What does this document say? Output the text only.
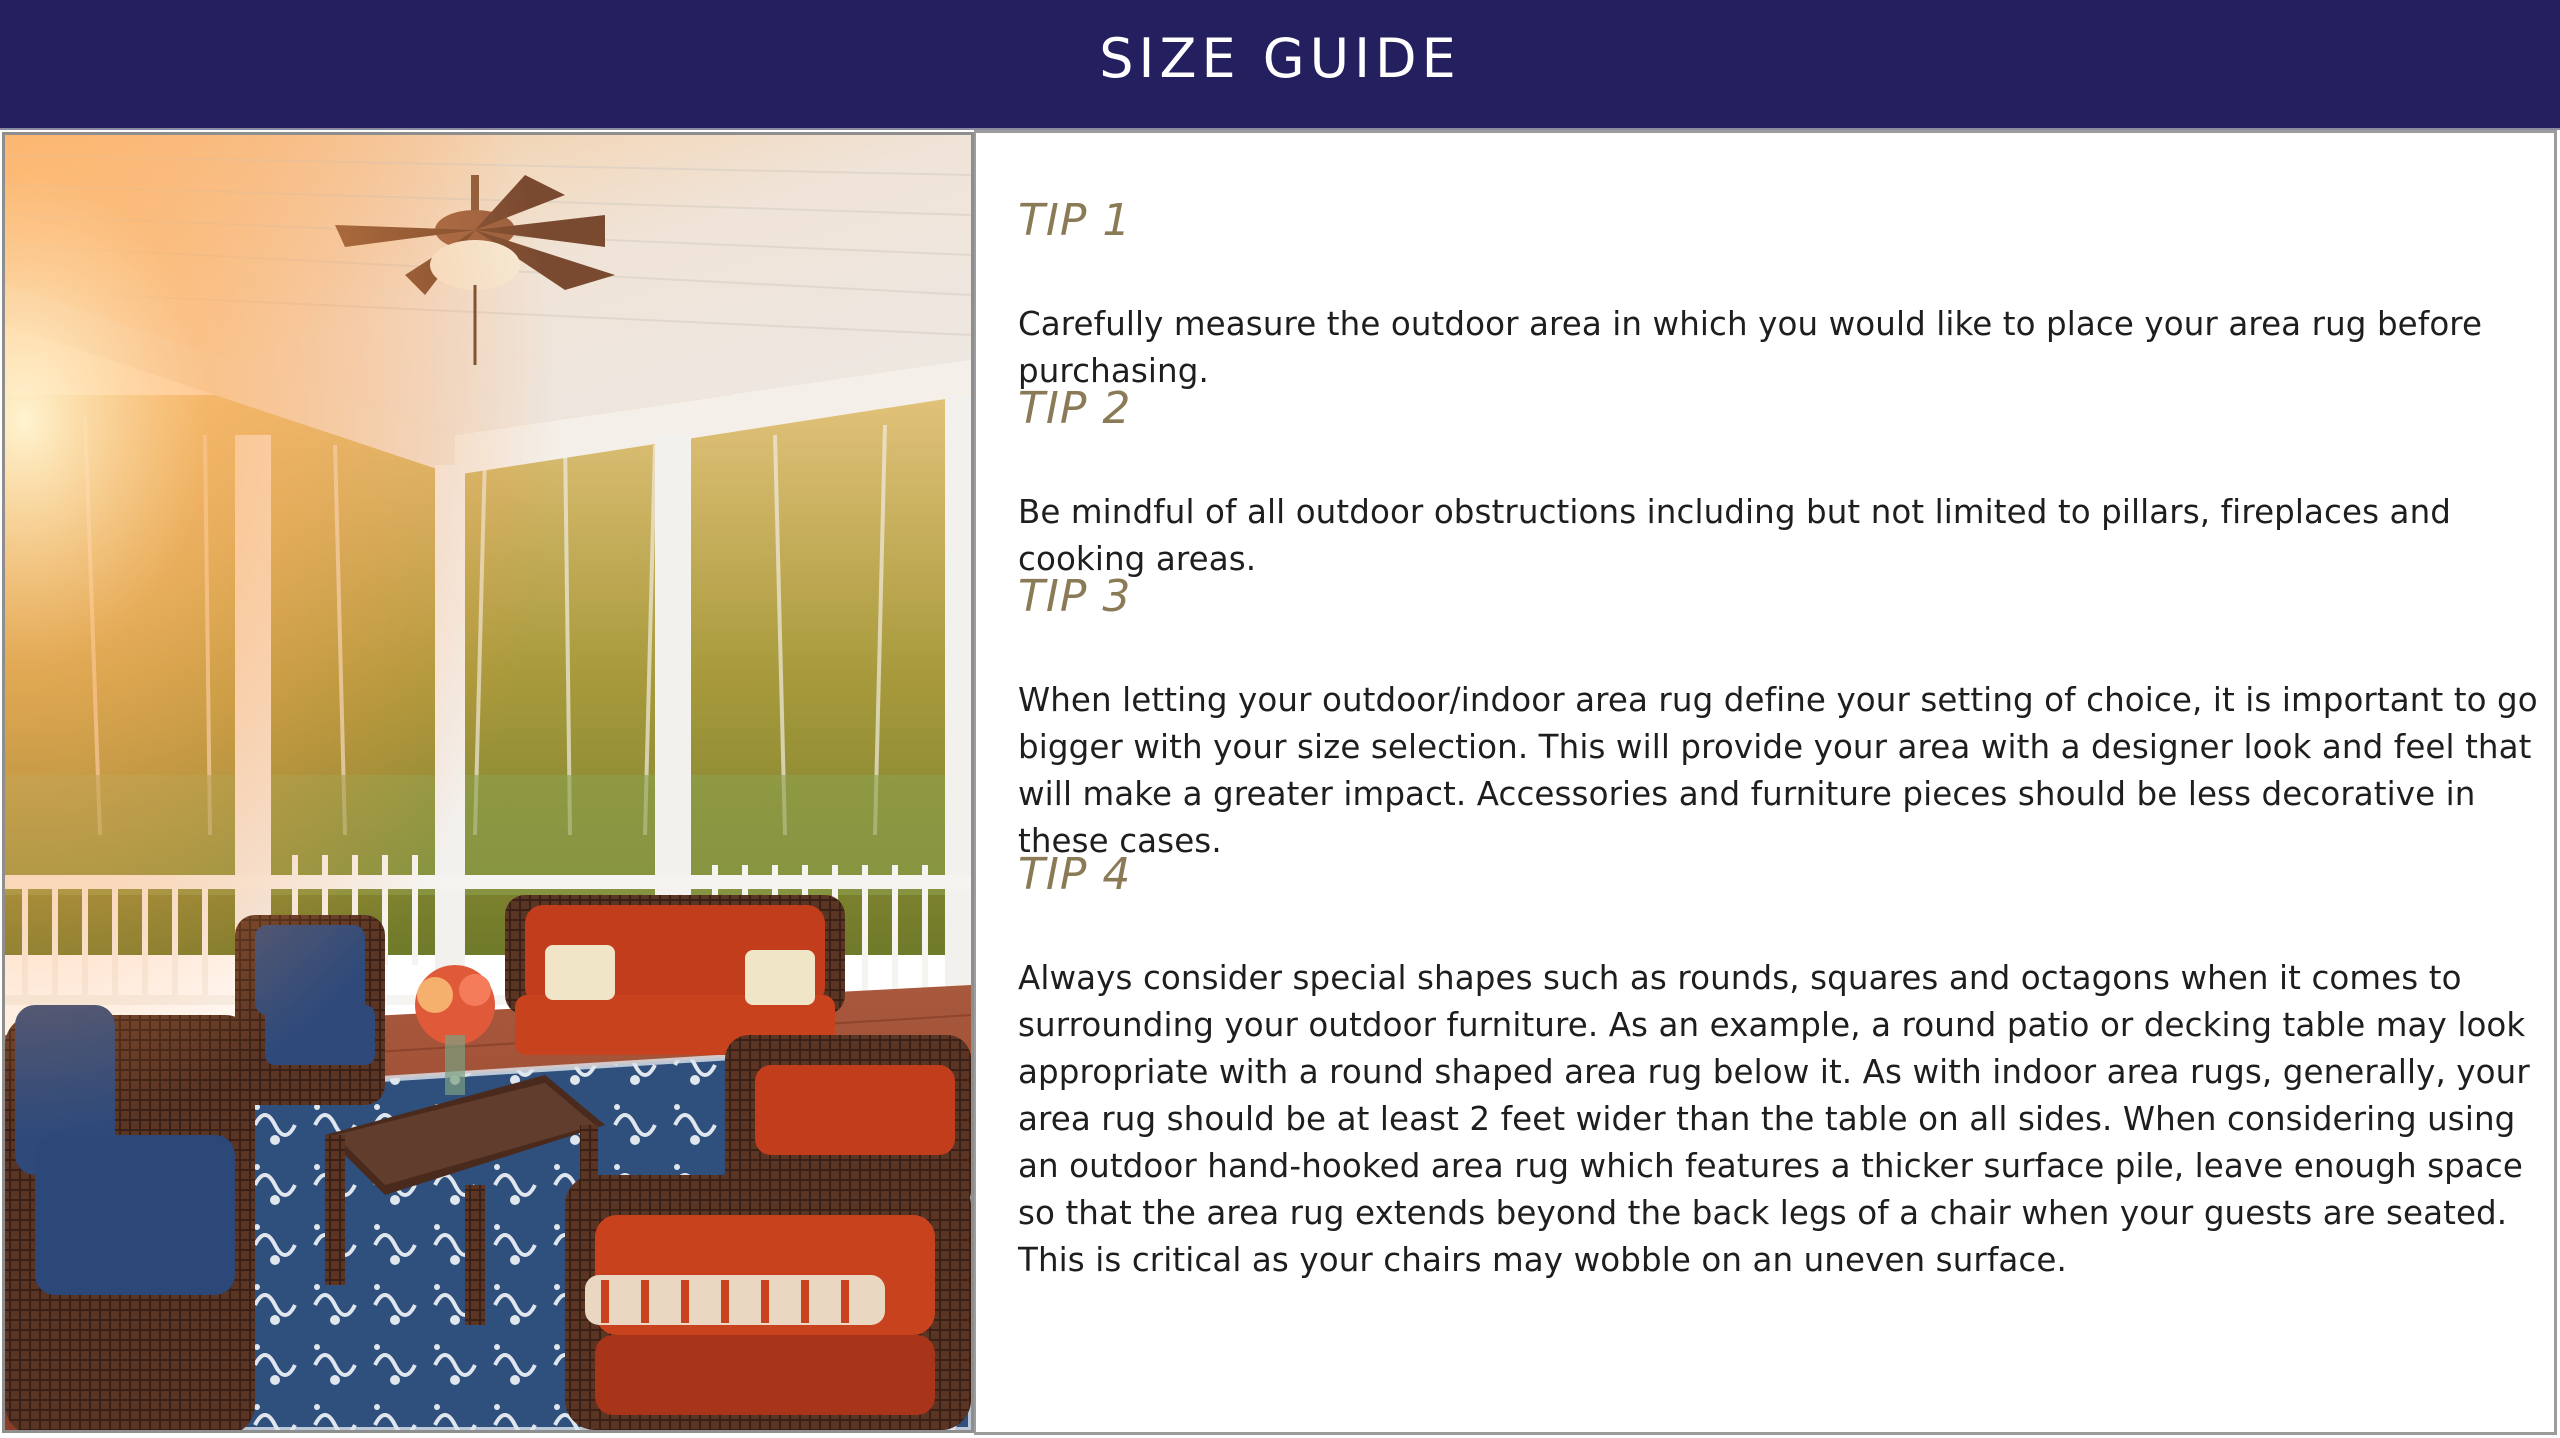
SIZE GUIDE
TIP 1

Carefully measure the outdoor area in which you would like to place your area rug before purchasing.

TIP 2

Be mindful of all outdoor obstructions including but not limited to pillars, fireplaces and cooking areas.

TIP 3

When letting your outdoor/indoor area rug define your setting of choice, it is important to go bigger with your size selection. This will provide your area with a designer look and feel that will make a greater impact. Accessories and furniture pieces should be less decorative in these cases.

TIP 4

Always consider special shapes such as rounds, squares and octagons when it comes to surrounding your outdoor furniture. As an example, a round patio or decking table may look appropriate with a round shaped area rug below it. As with indoor area rugs, generally, your area rug should be at least 2 feet wider than the table on all sides. When considering using an outdoor hand-hooked area rug which features a thicker surface pile, leave enough space so that the area rug extends beyond the back legs of a chair when your guests are seated. This is critical as your chairs may wobble on an uneven surface.
